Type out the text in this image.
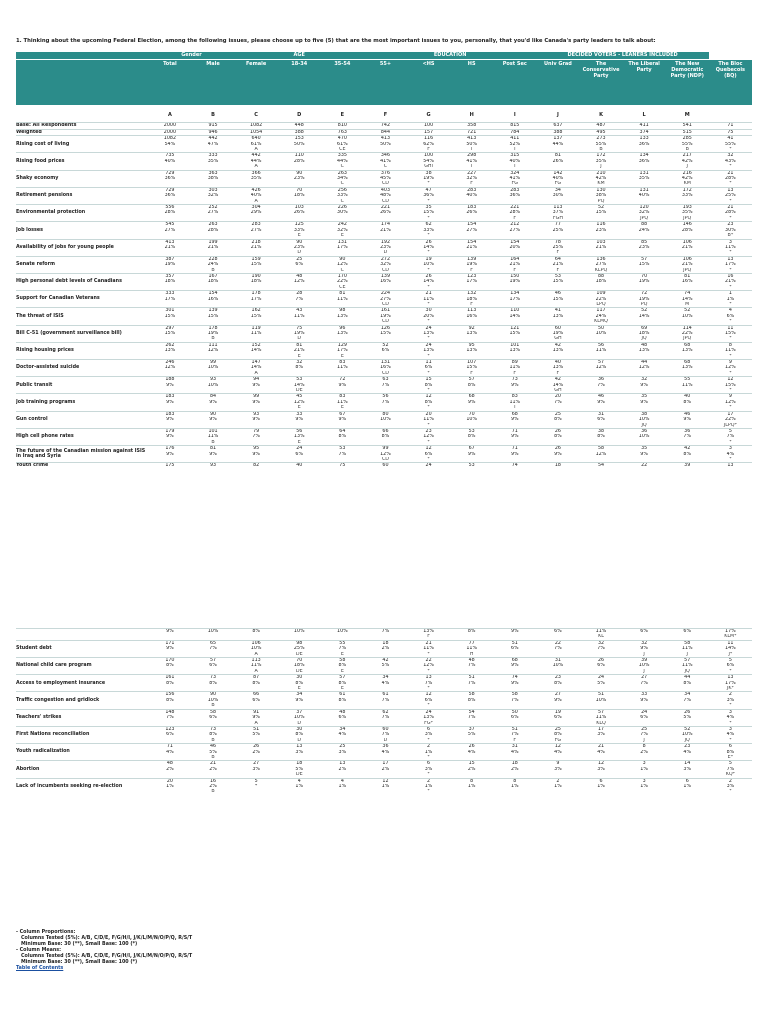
1. Thinking about the upcoming Federal Election, among the following issues, please choose up to five (5) that are the most important issues to you, personally, that you'd like Canada's party leaders to talk about:
	Gender		AGE			EDUCATION				DECIDED VOTERS - LEANERS INCLUDED				
	Total	Male	Female	18-34	35-54	55+	<HS	HS	Post Sec	Univ Grad	The Conservative Party	The Liberal Party	The New Democratic Party (NDP)	The Bloc Quebecois (BQ)
	A	B	C	D	E	F	G	H	I	J	K	L	M
Base: All Respondents	2000	915	1082	448	810	742	100	358	815	637	487	411	541	71
Weighted	2000	946	1054	388	763	844	157	721	784	388	495	374	515	75
Rising cost of living	1082	442	640	153	470	413	116	413	411	137	273	133	285	41
	54%	47%	61%	50%	61%	50%	62%	50%	52%	44%	55%	36%	55%	55%
			A		CE		F	I	I		B		B	*
Rising food prices	735	333	442	110	335	346	100	298	315	81	172	134	217	32
	40%	35%	44%	28%	44%	41%	54%	41%	40%	26%	35%	36%	42%	43%
			A		C	C	GHI	I	I		J		J	*
Shaky economy	729	363	366	90	263	376	38	227	324	142	210	131	216	21
	36%	38%	35%	23%	34%	45%	19%	32%	41%	40%	42%	35%	42%	28%
					C	CD	*	F	FG	FG	KM		KM	*
Retirement pensions	729	303	426	70	256	403	47	283	283	34	130	131	172	13
	36%	32%	40%	18%	33%	48%	36%	40%	36%	30%	38%	40%	33%	25%
			A		C	CD	*				PQ			*
Environmental protection	556	252	304	103	226	221	35	183	221	113	52	120	193	21
	28%	27%	29%	26%	30%	26%	15%	26%	28%	37%	15%	32%	35%	28%
							*		F	FGH		JPQ	JPQ	*
Job losses	545	263	283	125	242	174	62	154	212	77	116	88	146	23
	27%	28%	27%	33%	32%	21%	33%	27%	27%	25%	23%	24%	28%	30%
				E	E		*							B*
Availability of jobs for young people	413	199	218	90	131	192	26	154	154	78	103	85	106	3
	21%	21%	21%	23%	17%	23%	14%	21%	20%	25%	21%	23%	21%	11%
				D		D	*			F				*
Senate reform	387	228	159	25	90	272	19	139	164	64	136	57	106	13
	19%	24%	15%	6%	12%	32%	10%	19%	21%	21%	27%	15%	21%	17%
		B			C	CD	*	F	F	F	KLPQ		JPQ	*
High personal debt levels of Canadians	357	167	190	48	170	139	26	123	150	53	88	70	81	16
	18%	18%	18%	12%	22%	16%	14%	17%	19%	15%	18%	19%	16%	21%
					CE		*							*
Support for Canadian Veterans	333	154	178	28	81	224	21	132	134	46	109	72	74	1
	17%	16%	17%	7%	11%	27%	11%	18%	17%	15%	22%	19%	14%	1%
						CD	*	F			LPQ	PQ	M	*
The threat of ISIS	301	139	162	43	98	161	30	113	110	41	117	52	52	4
	15%	15%	15%	11%	13%	19%	20%	16%	14%	13%	24%	14%	10%	6%
						CD	*				KLMQ			*
Bill C-51 (government surveillance bill)	297	178	119	75	96	126	24	92	121	60	50	69	114	11
	15%	19%	11%	19%	13%	15%	13%	13%	15%	19%	10%	18%	22%	15%
		B		D			*			GH		JQ	JPQ	*
Rising housing prices	262	111	152	81	129	52	24	95	101	42	56	48	68	8
	13%	12%	14%	21%	17%	6%	13%	13%	13%	13%	11%	13%	13%	11%
				E	E		*							*
Doctor-assisted suicide	246	99	147	32	83	131	11	107	89	40	57	44	68	9
	12%	10%	14%	8%	11%	16%	6%	15%	11%	13%	12%	12%	13%	12%
			A			CD	*	F	F	F				*
Public transit	188	93	94	53	72	63	15	57	73	42	36	32	55	12
	9%	10%	9%	14%	9%	7%	8%	8%	9%	14%	7%	9%	11%	15%
				DE			*			GH				*
Job training programs	183	84	99	45	83	56	12	68	83	20	46	35	40	9
	9%	9%	9%	12%	11%	7%	8%	9%	11%	7%	9%	9%	8%	12%
				E	E		*		I					*
Gun control	183	90	93	33	67	80	20	70	68	25	31	38	46	17
	9%	9%	9%	9%	9%	10%	11%	10%	9%	8%	6%	10%	9%	22%
							*					JQ		JLPQ*
High cell phone rates	179	101	79	56	64	66	23	53	71	26	38	36	36	5
	9%	11%	7%	13%	8%	8%	12%	8%	9%	8%	8%	10%	7%	7%
		B		E			*							*
The future of the Canadian mission against ISIS in Iraq and Syria	176	81	95	24	53	99	12	67	71	26	58	35	42	3
	9%	9%	9%	6%	7%	12%	6%	9%	9%	9%	12%	9%	8%	4%
						CD	*							*
Youth crime	175	93	82	40	75	60	24	53	74	18	54	22	39	13
	9%	10%	8%	10%	10%	7%	13%	8%	9%	6%	11%	6%	6%	17%
							F				KL			KLM*
Student debt	171	65	106	98	55	18	21	77	51	22	32	32	58	11
	9%	7%	10%	25%	7%	2%	11%	11%	6%	7%	7%	9%	11%	14%
			A	DE	E		*	H				J	J	J*
National child care program	170	57	113	70	58	42	22	48	68	31	26	39	57	5
	8%	6%	11%	18%	8%	5%	12%	7%	9%	10%	6%	10%	11%	6%
			A	DE	E		*					J	JQ	*
Access to employment insurance	161	73	87	30	57	34	13	51	74	23	24	27	44	13
	8%	8%	8%	8%	8%	4%	7%	7%	9%	8%	5%	7%	8%	17%
				E	E		*							JK*
Traffic congestion and gridlock	156	90	66	34	61	61	12	58	58	27	51	33	34	2
	8%	10%	6%	9%	8%	7%	6%	8%	7%	9%	10%	9%	7%	3%
		B					*							*
Teachers' strikes	148	58	91	37	48	62	24	54	50	19	57	24	26	3
	7%	6%	9%	10%	6%	7%	13%	7%	6%	6%	11%	6%	5%	4%
			A	D			FG*				KLQ			*
First Nations reconciliation	123	73	51	30	34	60	6	37	51	25	17	25	52	3
	6%	8%	5%	8%	4%	7%	3%	5%	7%	8%	3%	7%	10%	4%
		B		D		D	*		F	FG		J	JQ	*
Youth radicalization	71	46	26	13	25	36	2	26	31	12	21	8	23	6
	4%	5%	2%	3%	3%	4%	1%	4%	4%	4%	4%	2%	4%	8%
		B					*							E*
Abortion	48	21	27	18	13	17	6	15	18	9	12	3	14	5
	2%	2%	3%	5%	2%	2%	3%	2%	2%	3%	3%	1%	3%	7%
				DE			*							KQ*
Lack of incumbents seeking re-election	20	16	5	4	4	12	2	8	8	2	6	3	6	2
	1%	2%	*	1%	1%	1%	1%	1%	1%	1%	1%	1%	1%	3%
		B					*							*
- Column Proportions:
Columns Tested (5%): A/B, C/D/E, F/G/H/I, J/K/L/M/N/O/P/Q, R/S/T
Minimum Base: 30 (**), Small Base: 100 (*)
- Column Means:
Columns Tested (5%): A/B, C/D/E, F/G/H/I, J/K/L/M/N/O/P/Q, R/S/T
Minimum Base: 30 (**), Small Base: 100 (*)
Table of Contents
